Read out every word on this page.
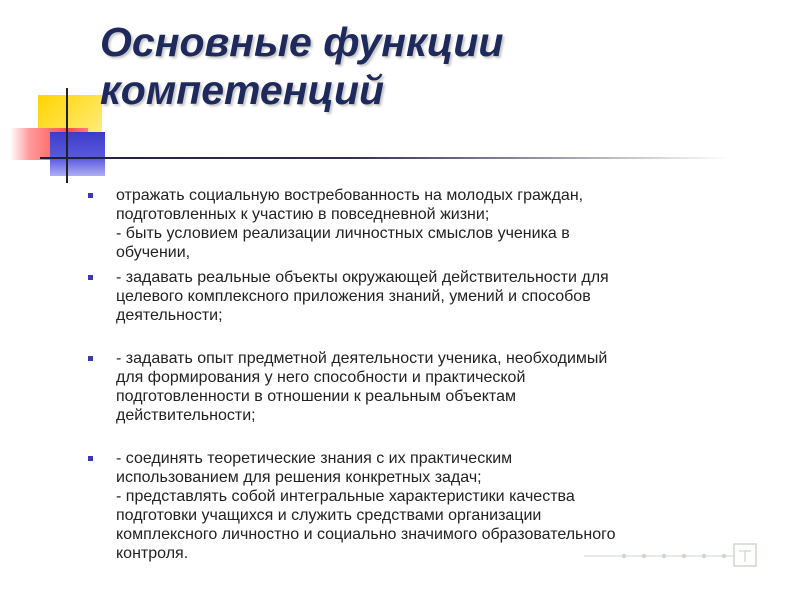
Основные функции
компетенций
отражать социальную востребованность на молодых граждан,
подготовленных к участию в повседневной жизни;
- быть условием реализации личностных смыслов ученика в
обучении,
- задавать реальные объекты окружающей действительности для
целевого комплексного приложения знаний, умений и способов
деятельности;
- задавать опыт предметной деятельности ученика, необходимый
для формирования у него способности и практической
подготовленности в отношении к реальным объектам
действительности;
- соединять теоретические знания с их практическим
использованием для решения конкретных задач;
- представлять собой интегральные характеристики качества
подготовки учащихся и служить средствами организации
комплексного личностно и социально значимого образовательного
контроля.
